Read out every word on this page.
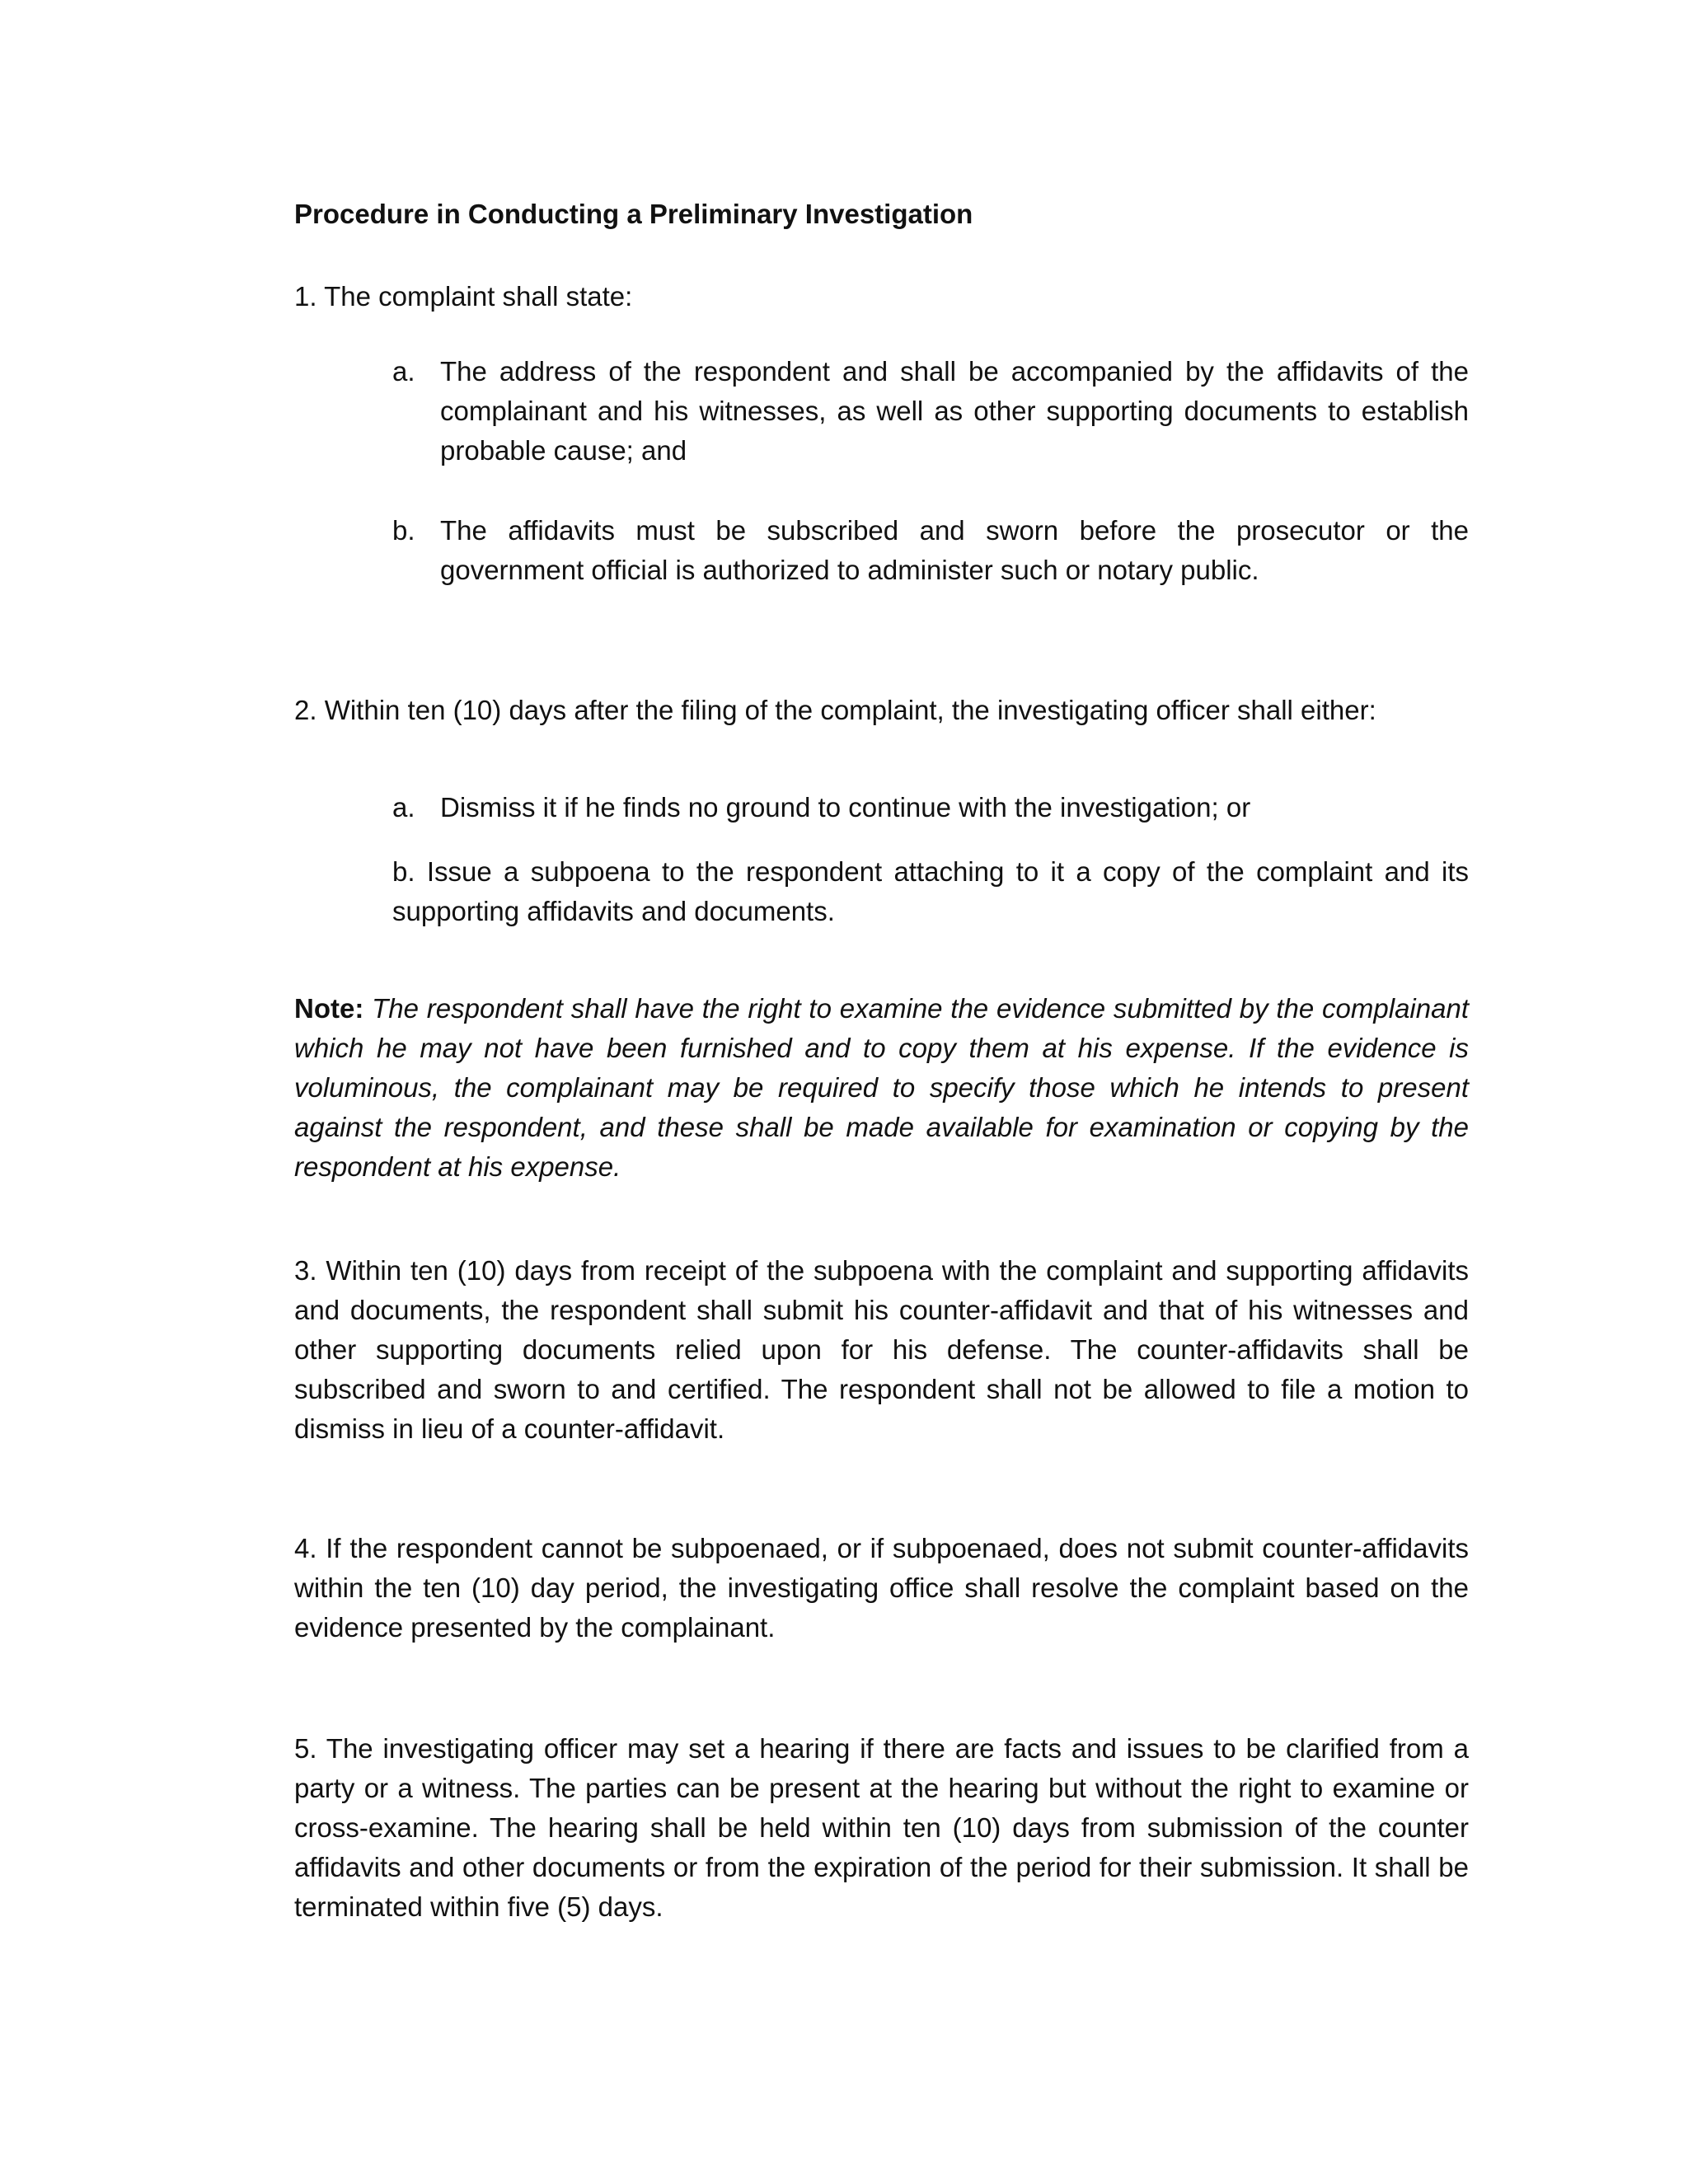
Procedure in Conducting a Preliminary Investigation

1. The complaint shall state:

a. The address of the respondent and shall be accompanied by the affidavits of the complainant and his witnesses, as well as other supporting documents to establish probable cause; and
b. The affidavits must be subscribed and sworn before the prosecutor or the government official is authorized to administer such or notary public.

2. Within ten (10) days after the filing of the complaint, the investigating officer shall either:

a. Dismiss it if he finds no ground to continue with the investigation; or

b. Issue a subpoena to the respondent attaching to it a copy of the complaint and its supporting affidavits and documents.

Note: The respondent shall have the right to examine the evidence submitted by the complainant which he may not have been furnished and to copy them at his expense. If the evidence is voluminous, the complainant may be required to specify those which he intends to present against the respondent, and these shall be made available for examination or copying by the respondent at his expense.

3. Within ten (10) days from receipt of the subpoena with the complaint and supporting affidavits and documents, the respondent shall submit his counter-affidavit and that of his witnesses and other supporting documents relied upon for his defense. The counter-affidavits shall be subscribed and sworn to and certified. The respondent shall not be allowed to file a motion to dismiss in lieu of a counter-affidavit.

4. If the respondent cannot be subpoenaed, or if subpoenaed, does not submit counter-affidavits within the ten (10) day period, the investigating office shall resolve the complaint based on the evidence presented by the complainant.

5. The investigating officer may set a hearing if there are facts and issues to be clarified from a party or a witness. The parties can be present at the hearing but without the right to examine or cross-examine. The hearing shall be held within ten (10) days from submission of the counter affidavits and other documents or from the expiration of the period for their submission. It shall be terminated within five (5) days.
